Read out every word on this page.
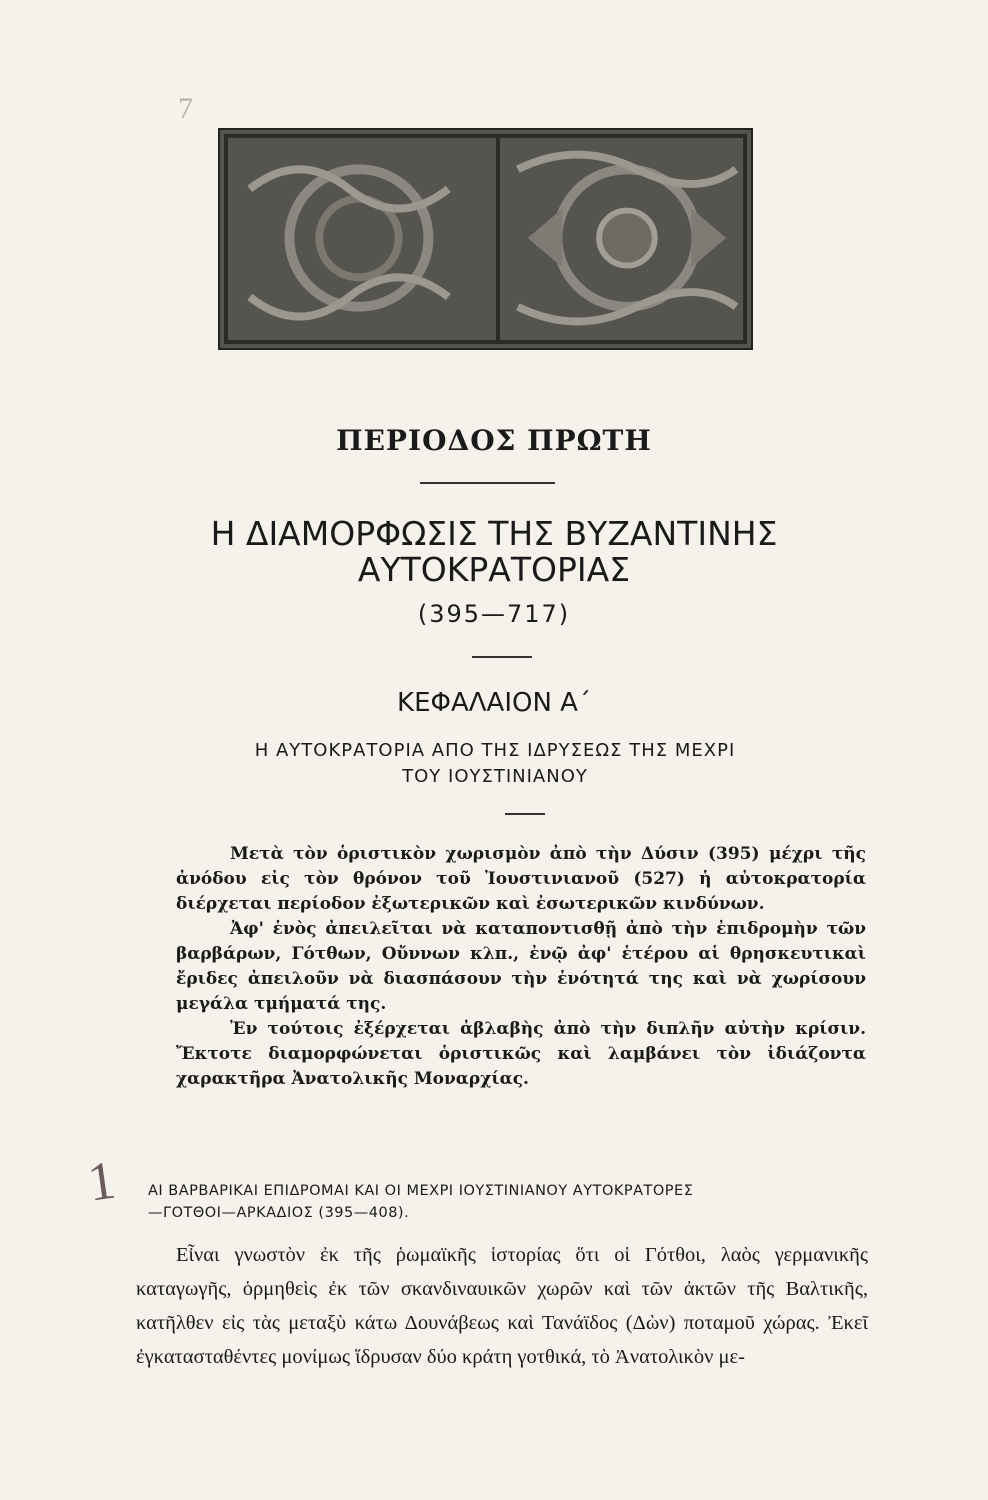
7
ΠΕΡΙΟΔΟΣ ΠΡΩΤΗ
Η ΔΙΑΜΟΡΦΩΣΙΣ ΤΗΣ ΒΥΖΑΝΤΙΝΗΣ
ΑΥΤΟΚΡΑΤΟΡΙΑΣ
(395—717)
ΚΕΦΑΛΑΙΟΝ Α΄
Η ΑΥΤΟΚΡΑΤΟΡΙΑ ΑΠΟ ΤΗΣ ΙΔΡΥΣΕΩΣ ΤΗΣ ΜΕΧΡΙ
ΤΟΥ ΙΟΥΣΤΙΝΙΑΝΟΥ

Μετὰ τὸν ὁριστικὸν χωρισμὸν ἀπὸ τὴν Δύσιν (395) μέχρι τῆς ἀνόδου εἰς τὸν θρόνον τοῦ Ἰουστινιανοῦ (527) ἡ αὐτοκρατορία διέρχεται περίοδον ἐξωτερικῶν καὶ ἐσωτερικῶν κινδύνων.

Ἀφ' ἑνὸς ἀπειλεῖται νὰ καταποντισθῇ ἀπὸ τὴν ἐπιδρομὴν τῶν βαρβάρων, Γότθων, Οὔννων κλπ., ἐνῷ ἀφ' ἑτέρου αἱ θρησκευτικαὶ ἔριδες ἀπειλοῦν νὰ διασπάσουν τὴν ἑνότητά της καὶ νὰ χωρίσουν μεγάλα τμήματά της.

Ἐν τούτοις ἐξέρχεται ἀβλαβὴς ἀπὸ τὴν διπλῆν αὐτὴν κρίσιν. Ἔκτοτε διαμορφώνεται ὁριστικῶς καὶ λαμβάνει τὸν ἰδιάζοντα χαρακτῆρα Ἀνατολικῆς Μοναρχίας.

1 ΑΙ ΒΑΡΒΑΡΙΚΑΙ ΕΠΙΔΡΟΜΑΙ ΚΑΙ ΟΙ ΜΕΧΡΙ ΙΟΥΣΤΙΝΙΑΝΟΥ ΑΥΤΟΚΡΑΤΟΡΕΣ
—ΓΟΤΘΟΙ—ΑΡΚΑΔΙΟΣ (395—408).

Εἶναι γνωστὸν ἐκ τῆς ῥωμαϊκῆς ἱστορίας ὅτι οἱ Γότθοι, λαὸς γερμανικῆς καταγωγῆς, ὁρμηθεὶς ἐκ τῶν σκανδιναυικῶν χωρῶν καὶ τῶν ἀκτῶν τῆς Βαλτικῆς, κατῆλθεν εἰς τὰς μεταξὺ κάτω Δουνάβεως καὶ Τανάϊδος (Δὼν) ποταμοῦ χώρας. Ἐκεῖ ἐγκατασταθέντες μονίμως ἵδρυσαν δύο κράτη γοτθικά, τὸ Ἀνατολικὸν με-
